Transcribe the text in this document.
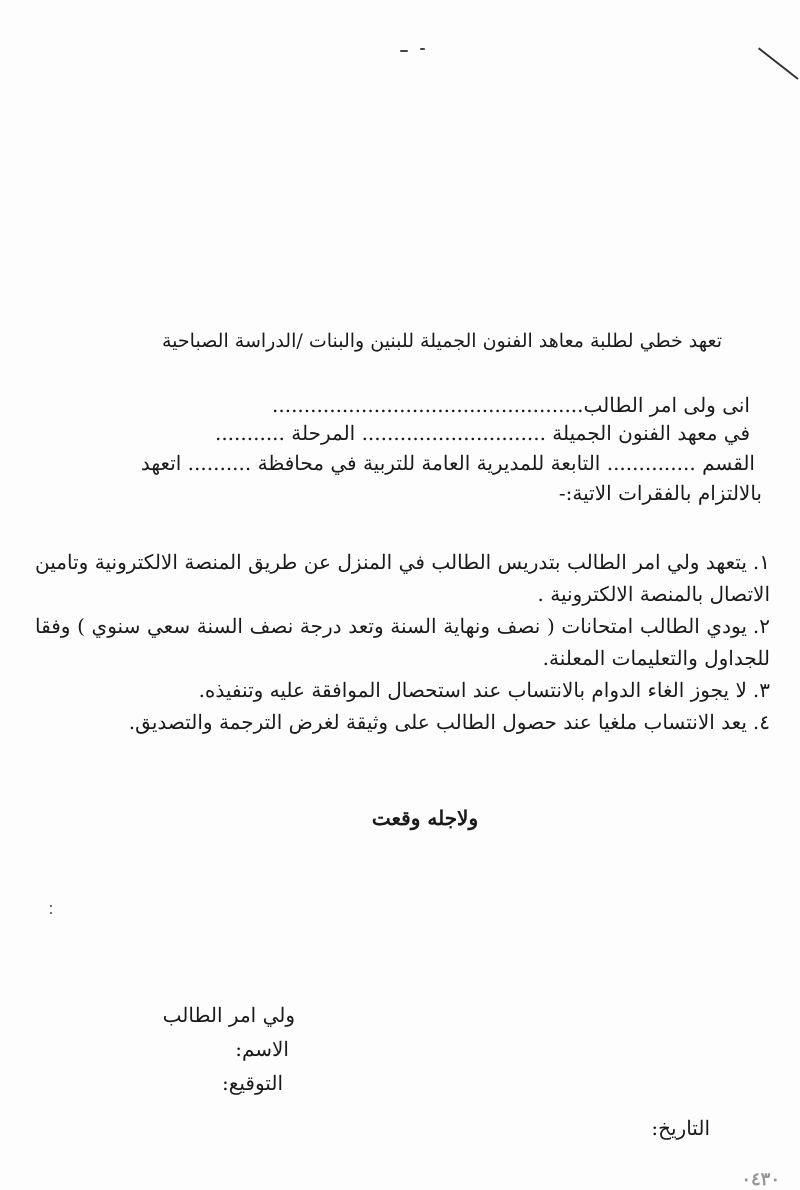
تعهد خطي لطلبة معاهد الفنون الجميلة للبنين والبنات /الدراسة الصباحية
انى ولى امر الطالب.................................................
في معهد الفنون الجميلة ............................. المرحلة ...........
القسم .............. التابعة للمديرية العامة للتربية في محافظة .......... اتعهد
بالالتزام بالفقرات الاتية:-
١.يتعهد ولي امر الطالب بتدريس الطالب في المنزل عن طريق المنصة الالكترونية وتامين الاتصال بالمنصة الالكترونية .
٢.يودي الطالب امتحانات ( نصف ونهاية السنة وتعد درجة نصف السنة سعي سنوي ) وفقا للجداول والتعليمات المعلنة.
٣.لا يجوز الغاء الدوام بالانتساب عند استحصال الموافقة عليه وتنفيذه.
٤.يعد الانتساب ملغيا عند حصول الطالب على وثيقة لغرض الترجمة والتصديق.
ولاجله وقعت
ولي امر الطالب
الاسم:
التوقيع:
التاريخ:
٠٤٣٠
